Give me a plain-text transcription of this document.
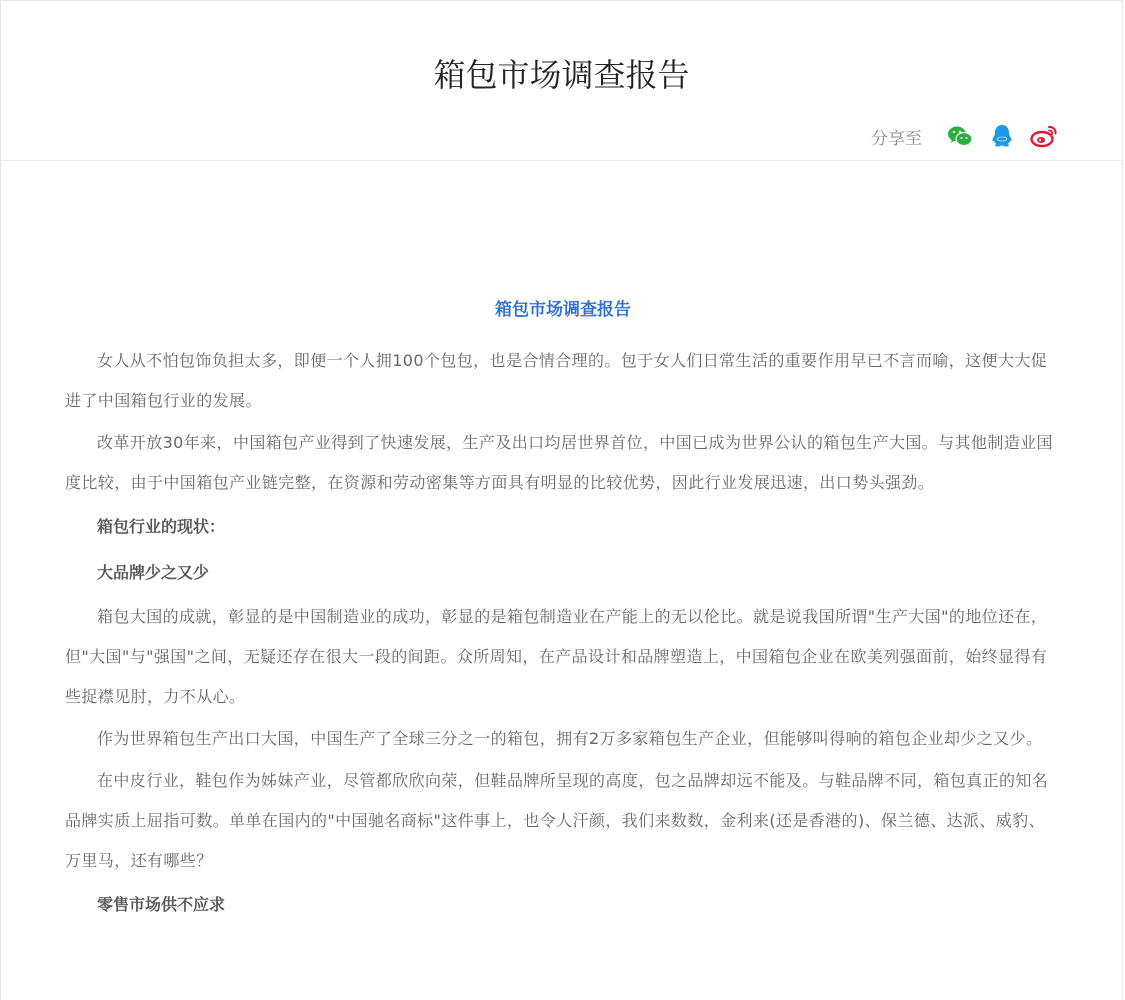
箱包市场调查报告
分享至
箱包市场调查报告

女人从不怕包饰负担太多，即便一个人拥100个包包，也是合情合理的。包于女人们日常生活的重要作用早已不言而喻，这便大大促进了中国箱包行业的发展。

改革开放30年来，中国箱包产业得到了快速发展，生产及出口均居世界首位，中国已成为世界公认的箱包生产大国。与其他制造业国度比较，由于中国箱包产业链完整，在资源和劳动密集等方面具有明显的比较优势，因此行业发展迅速，出口势头强劲。

箱包行业的现状：

大品牌少之又少

箱包大国的成就，彰显的是中国制造业的成功，彰显的是箱包制造业在产能上的无以伦比。就是说我国所谓"生产大国"的地位还在，但"大国"与"强国"之间，无疑还存在很大一段的间距。众所周知，在产品设计和品牌塑造上，中国箱包企业在欧美列强面前，始终显得有些捉襟见肘，力不从心。

作为世界箱包生产出口大国，中国生产了全球三分之一的箱包，拥有2万多家箱包生产企业，但能够叫得响的箱包企业却少之又少。

在中皮行业，鞋包作为姊妹产业，尽管都欣欣向荣，但鞋品牌所呈现的高度，包之品牌却远不能及。与鞋品牌不同，箱包真正的知名品牌实质上屈指可数。单单在国内的"中国驰名商标"这件事上，也令人汗颜，我们来数数，金利来(还是香港的)、保兰德、达派、威豹、万里马，还有哪些？

零售市场供不应求
